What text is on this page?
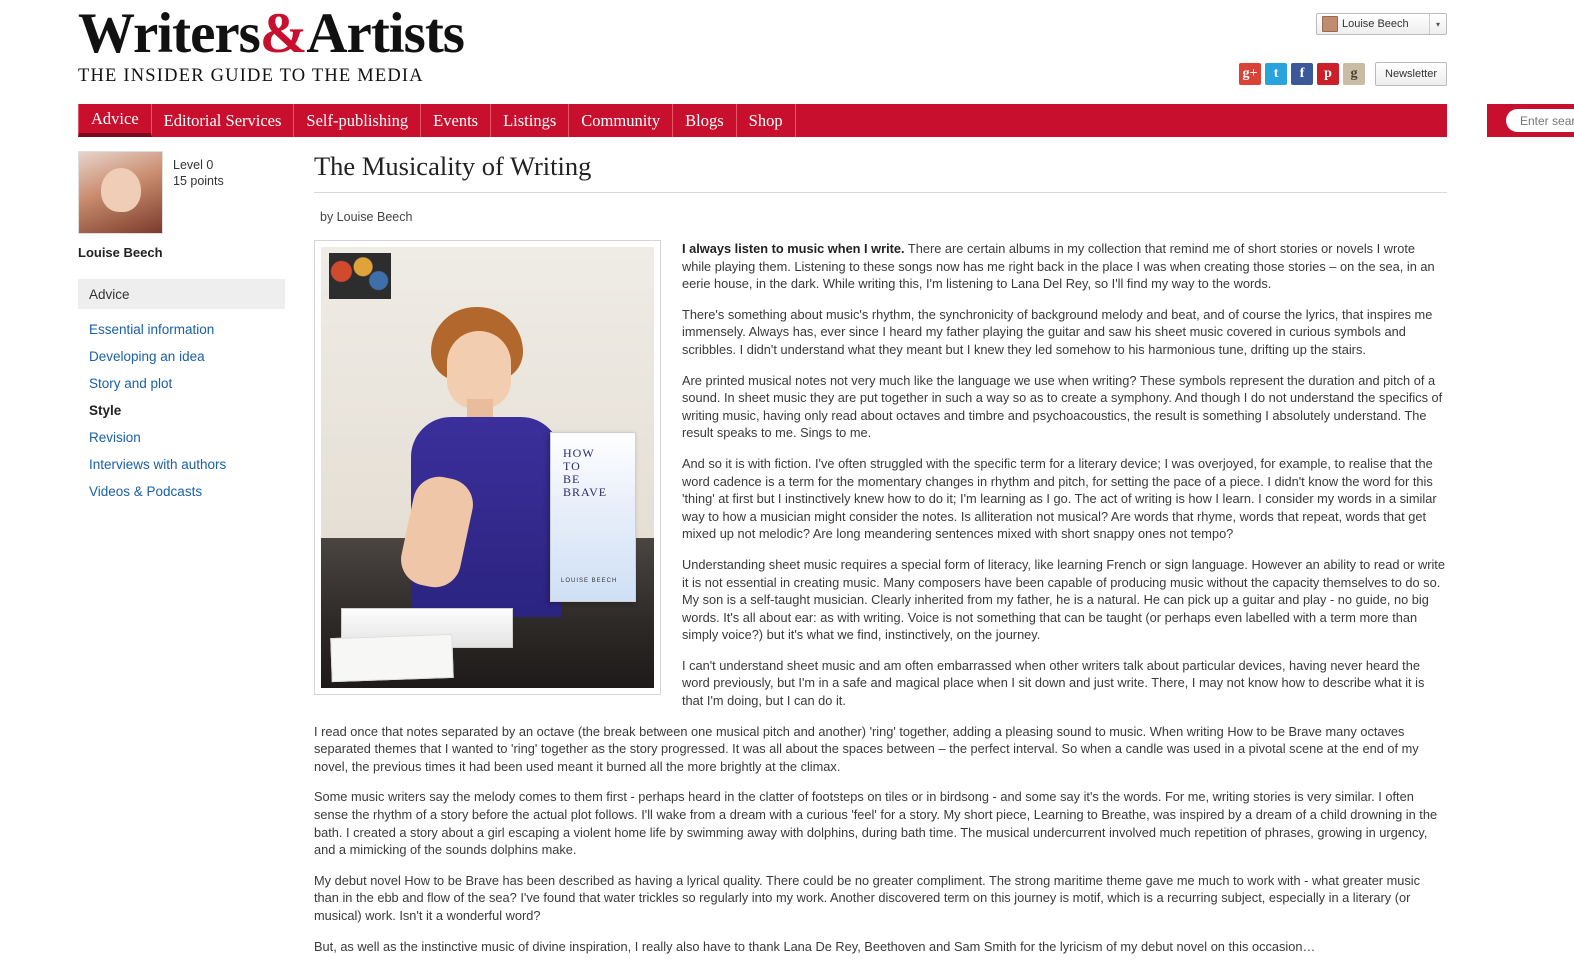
Writers&Artists
THE INSIDER GUIDE TO THE MEDIA
Louise Beech	▾
g+	t	f	p	g	Newsletter
Advice	Editorial Services	Self-publishing	Events	Listings	Community	Blogs	Shop
Enter search terms...
Level 0
15 points
Louise Beech
Advice
Essential information
Developing an idea
Story and plot
Style
Revision
Interviews with authors
Videos & Podcasts
The Musicality of Writing
by Louise Beech
HOW TO BE BRAVE
LOUISE BEECH

I always listen to music when I write. There are certain albums in my collection that remind me of short stories or novels I wrote while playing them. Listening to these songs now has me right back in the place I was when creating those stories – on the sea, in an eerie house, in the dark. While writing this, I'm listening to Lana Del Rey, so I'll find my way to the words.

There's something about music's rhythm, the synchronicity of background melody and beat, and of course the lyrics, that inspires me immensely. Always has, ever since I heard my father playing the guitar and saw his sheet music covered in curious symbols and scribbles. I didn't understand what they meant but I knew they led somehow to his harmonious tune, drifting up the stairs.

Are printed musical notes not very much like the language we use when writing? These symbols represent the duration and pitch of a sound. In sheet music they are put together in such a way so as to create a symphony. And though I do not understand the specifics of writing music, having only read about octaves and timbre and psychoacoustics, the result is something I absolutely understand. The result speaks to me. Sings to me.

And so it is with fiction. I've often struggled with the specific term for a literary device; I was overjoyed, for example, to realise that the word cadence is a term for the momentary changes in rhythm and pitch, for setting the pace of a piece. I didn't know the word for this 'thing' at first but I instinctively knew how to do it; I'm learning as I go. The act of writing is how I learn. I consider my words in a similar way to how a musician might consider the notes. Is alliteration not musical? Are words that rhyme, words that repeat, words that get mixed up not melodic? Are long meandering sentences mixed with short snappy ones not tempo?

Understanding sheet music requires a special form of literacy, like learning French or sign language. However an ability to read or write it is not essential in creating music. Many composers have been capable of producing music without the capacity themselves to do so. My son is a self-taught musician. Clearly inherited from my father, he is a natural. He can pick up a guitar and play - no guide, no big words. It's all about ear: as with writing. Voice is not something that can be taught (or perhaps even labelled with a term more than simply voice?) but it's what we find, instinctively, on the journey.

I can't understand sheet music and am often embarrassed when other writers talk about particular devices, having never heard the word previously, but I'm in a safe and magical place when I sit down and just write. There, I may not know how to describe what it is that I'm doing, but I can do it.

I read once that notes separated by an octave (the break between one musical pitch and another) 'ring' together, adding a pleasing sound to music. When writing How to be Brave many octaves separated themes that I wanted to 'ring' together as the story progressed. It was all about the spaces between – the perfect interval. So when a candle was used in a pivotal scene at the end of my novel, the previous times it had been used meant it burned all the more brightly at the climax.

Some music writers say the melody comes to them first - perhaps heard in the clatter of footsteps on tiles or in birdsong - and some say it's the words. For me, writing stories is very similar. I often sense the rhythm of a story before the actual plot follows. I'll wake from a dream with a curious 'feel' for a story. My short piece, Learning to Breathe, was inspired by a dream of a child drowning in the bath. I created a story about a girl escaping a violent home life by swimming away with dolphins, during bath time. The musical undercurrent involved much repetition of phrases, growing in urgency, and a mimicking of the sounds dolphins make.

My debut novel How to be Brave has been described as having a lyrical quality. There could be no greater compliment. The strong maritime theme gave me much to work with - what greater music than in the ebb and flow of the sea? I've found that water trickles so regularly into my work. Another discovered term on this journey is motif, which is a recurring subject, especially in a literary (or musical) work. Isn't it a wonderful word?

But, as well as the instinctive music of divine inspiration, I really also have to thank Lana De Rey, Beethoven and Sam Smith for the lyricism of my debut novel on this occasion…
